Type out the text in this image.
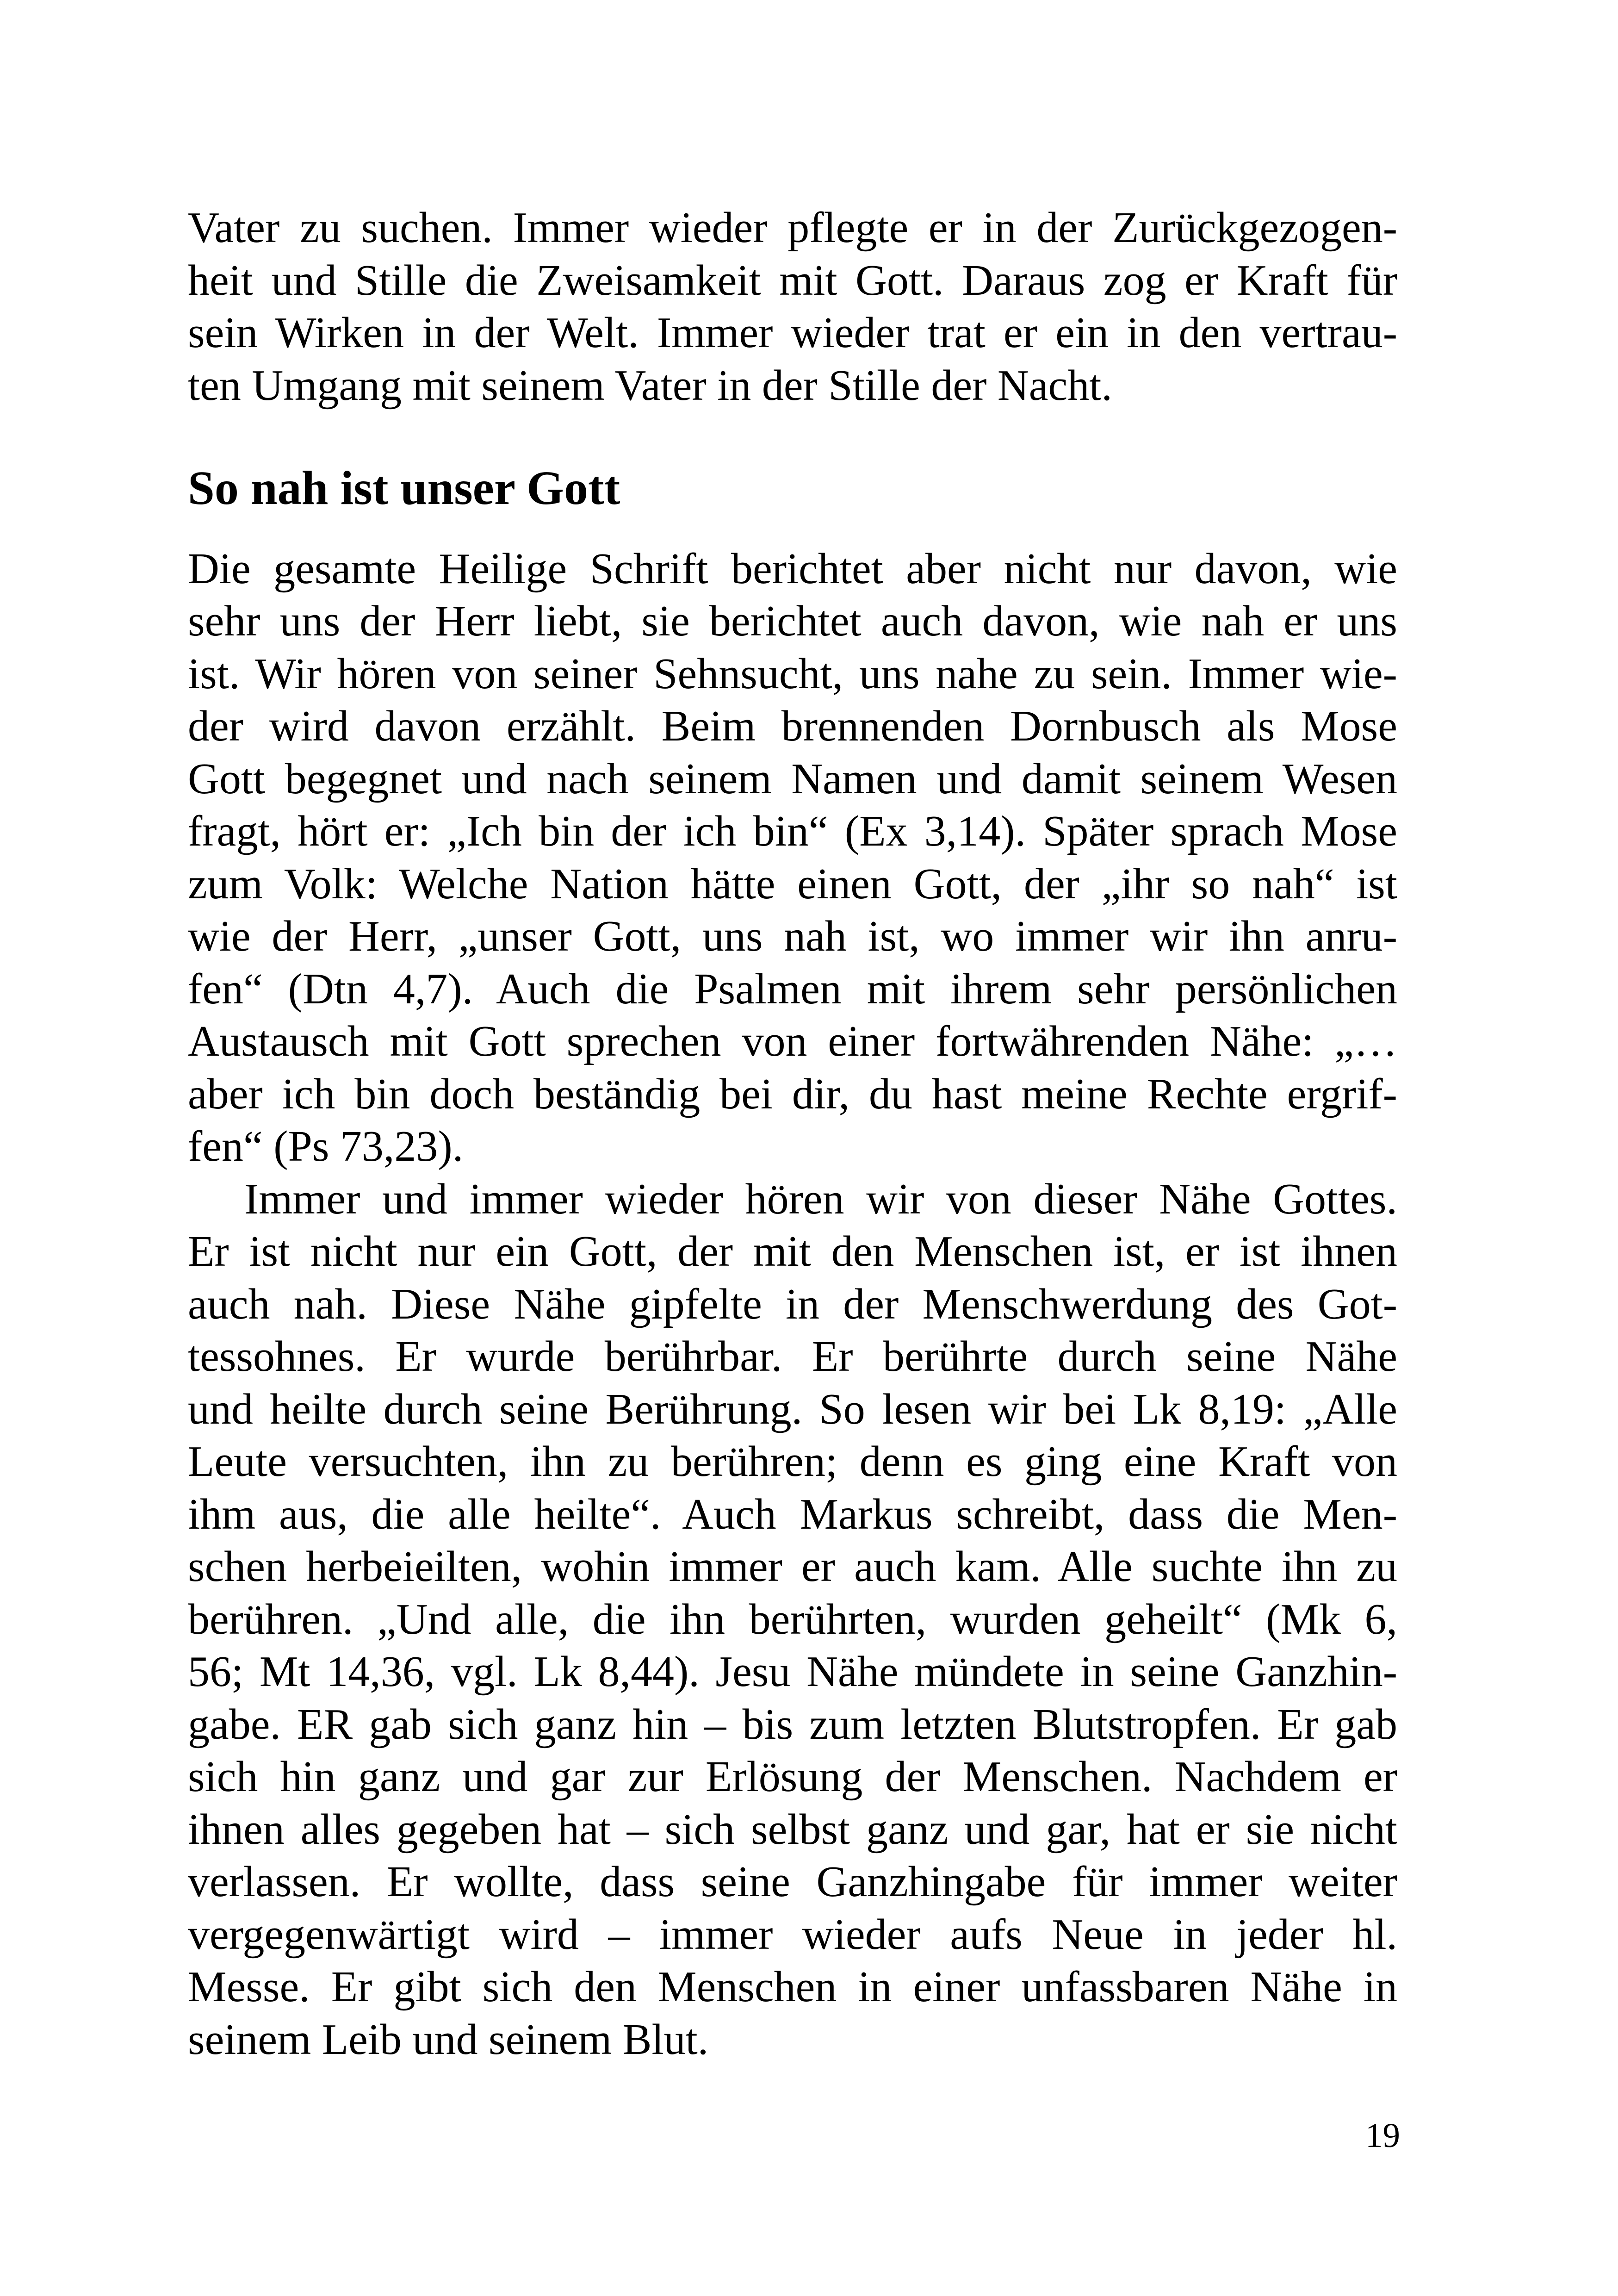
Vater zu suchen. Immer wieder pflegte er in der Zurückgezogen-
heit und Stille die Zweisamkeit mit Gott. Daraus zog er Kraft für
sein Wirken in der Welt. Immer wieder trat er ein in den vertrau-
ten Umgang mit seinem Vater in der Stille der Nacht.
So nah ist unser Gott
Die gesamte Heilige Schrift berichtet aber nicht nur davon, wie
sehr uns der Herr liebt, sie berichtet auch davon, wie nah er uns
ist. Wir hören von seiner Sehnsucht, uns nahe zu sein. Immer wie-
der wird davon erzählt. Beim brennenden Dornbusch als Mose
Gott begegnet und nach seinem Namen und damit seinem Wesen
fragt, hört er: „Ich bin der ich bin“ (Ex 3,14). Später sprach Mose
zum Volk: Welche Nation hätte einen Gott, der „ihr so nah“ ist
wie der Herr, „unser Gott, uns nah ist, wo immer wir ihn anru-
fen“ (Dtn 4,7). Auch die Psalmen mit ihrem sehr persönlichen
Austausch mit Gott sprechen von einer fortwährenden Nähe: „…
aber ich bin doch beständig bei dir, du hast meine Rechte ergrif-
fen“ (Ps 73,23).
Immer und immer wieder hören wir von dieser Nähe Gottes.
Er ist nicht nur ein Gott, der mit den Menschen ist, er ist ihnen
auch nah. Diese Nähe gipfelte in der Menschwerdung des Got-
tessohnes. Er wurde berührbar. Er berührte durch seine Nähe
und heilte durch seine Berührung. So lesen wir bei Lk 8,19: „Alle
Leute versuchten, ihn zu berühren; denn es ging eine Kraft von
ihm aus, die alle heilte“. Auch Markus schreibt, dass die Men-
schen herbeieilten, wohin immer er auch kam. Alle suchte ihn zu
berühren. „Und alle, die ihn berührten, wurden geheilt“ (Mk 6,
56; Mt 14,36, vgl. Lk 8,44). Jesu Nähe mündete in seine Ganzhin-
gabe. ER gab sich ganz hin – bis zum letzten Blutstropfen. Er gab
sich hin ganz und gar zur Erlösung der Menschen. Nachdem er
ihnen alles gegeben hat – sich selbst ganz und gar, hat er sie nicht
verlassen. Er wollte, dass seine Ganzhingabe für immer weiter
vergegenwärtigt wird – immer wieder aufs Neue in jeder hl.
Messe. Er gibt sich den Menschen in einer unfassbaren Nähe in
seinem Leib und seinem Blut.
19
